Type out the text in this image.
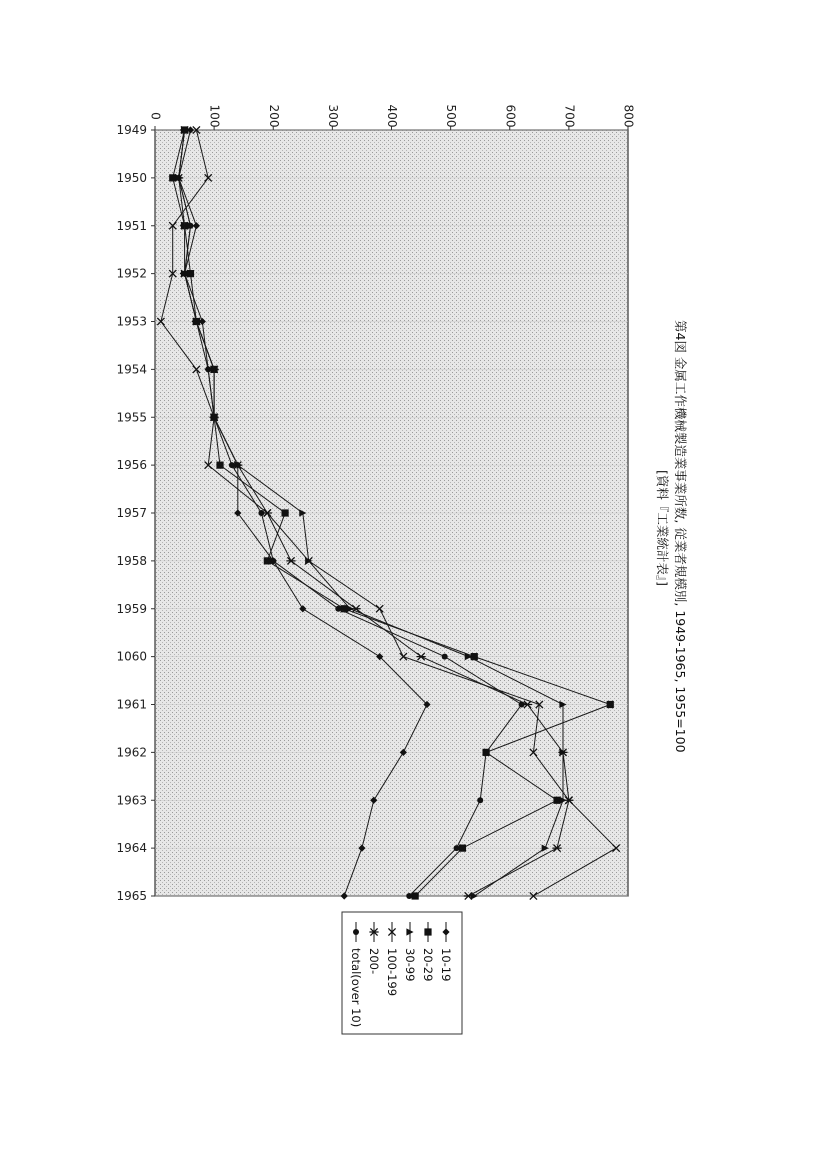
0	100	200	300	400	500	600	700	800
1949
1950
1951
1952
1953
1954
1955
1956
1957
1958
1959
1060
1961
1962
1963
1964
1965
第4図 金属工作機械製造業事業所数, 従業者規模別, 1949-1965, 1955=100
[資料『工業統計表』]
total(over 10) 200- 100-199 30-99 20-29 10-19
